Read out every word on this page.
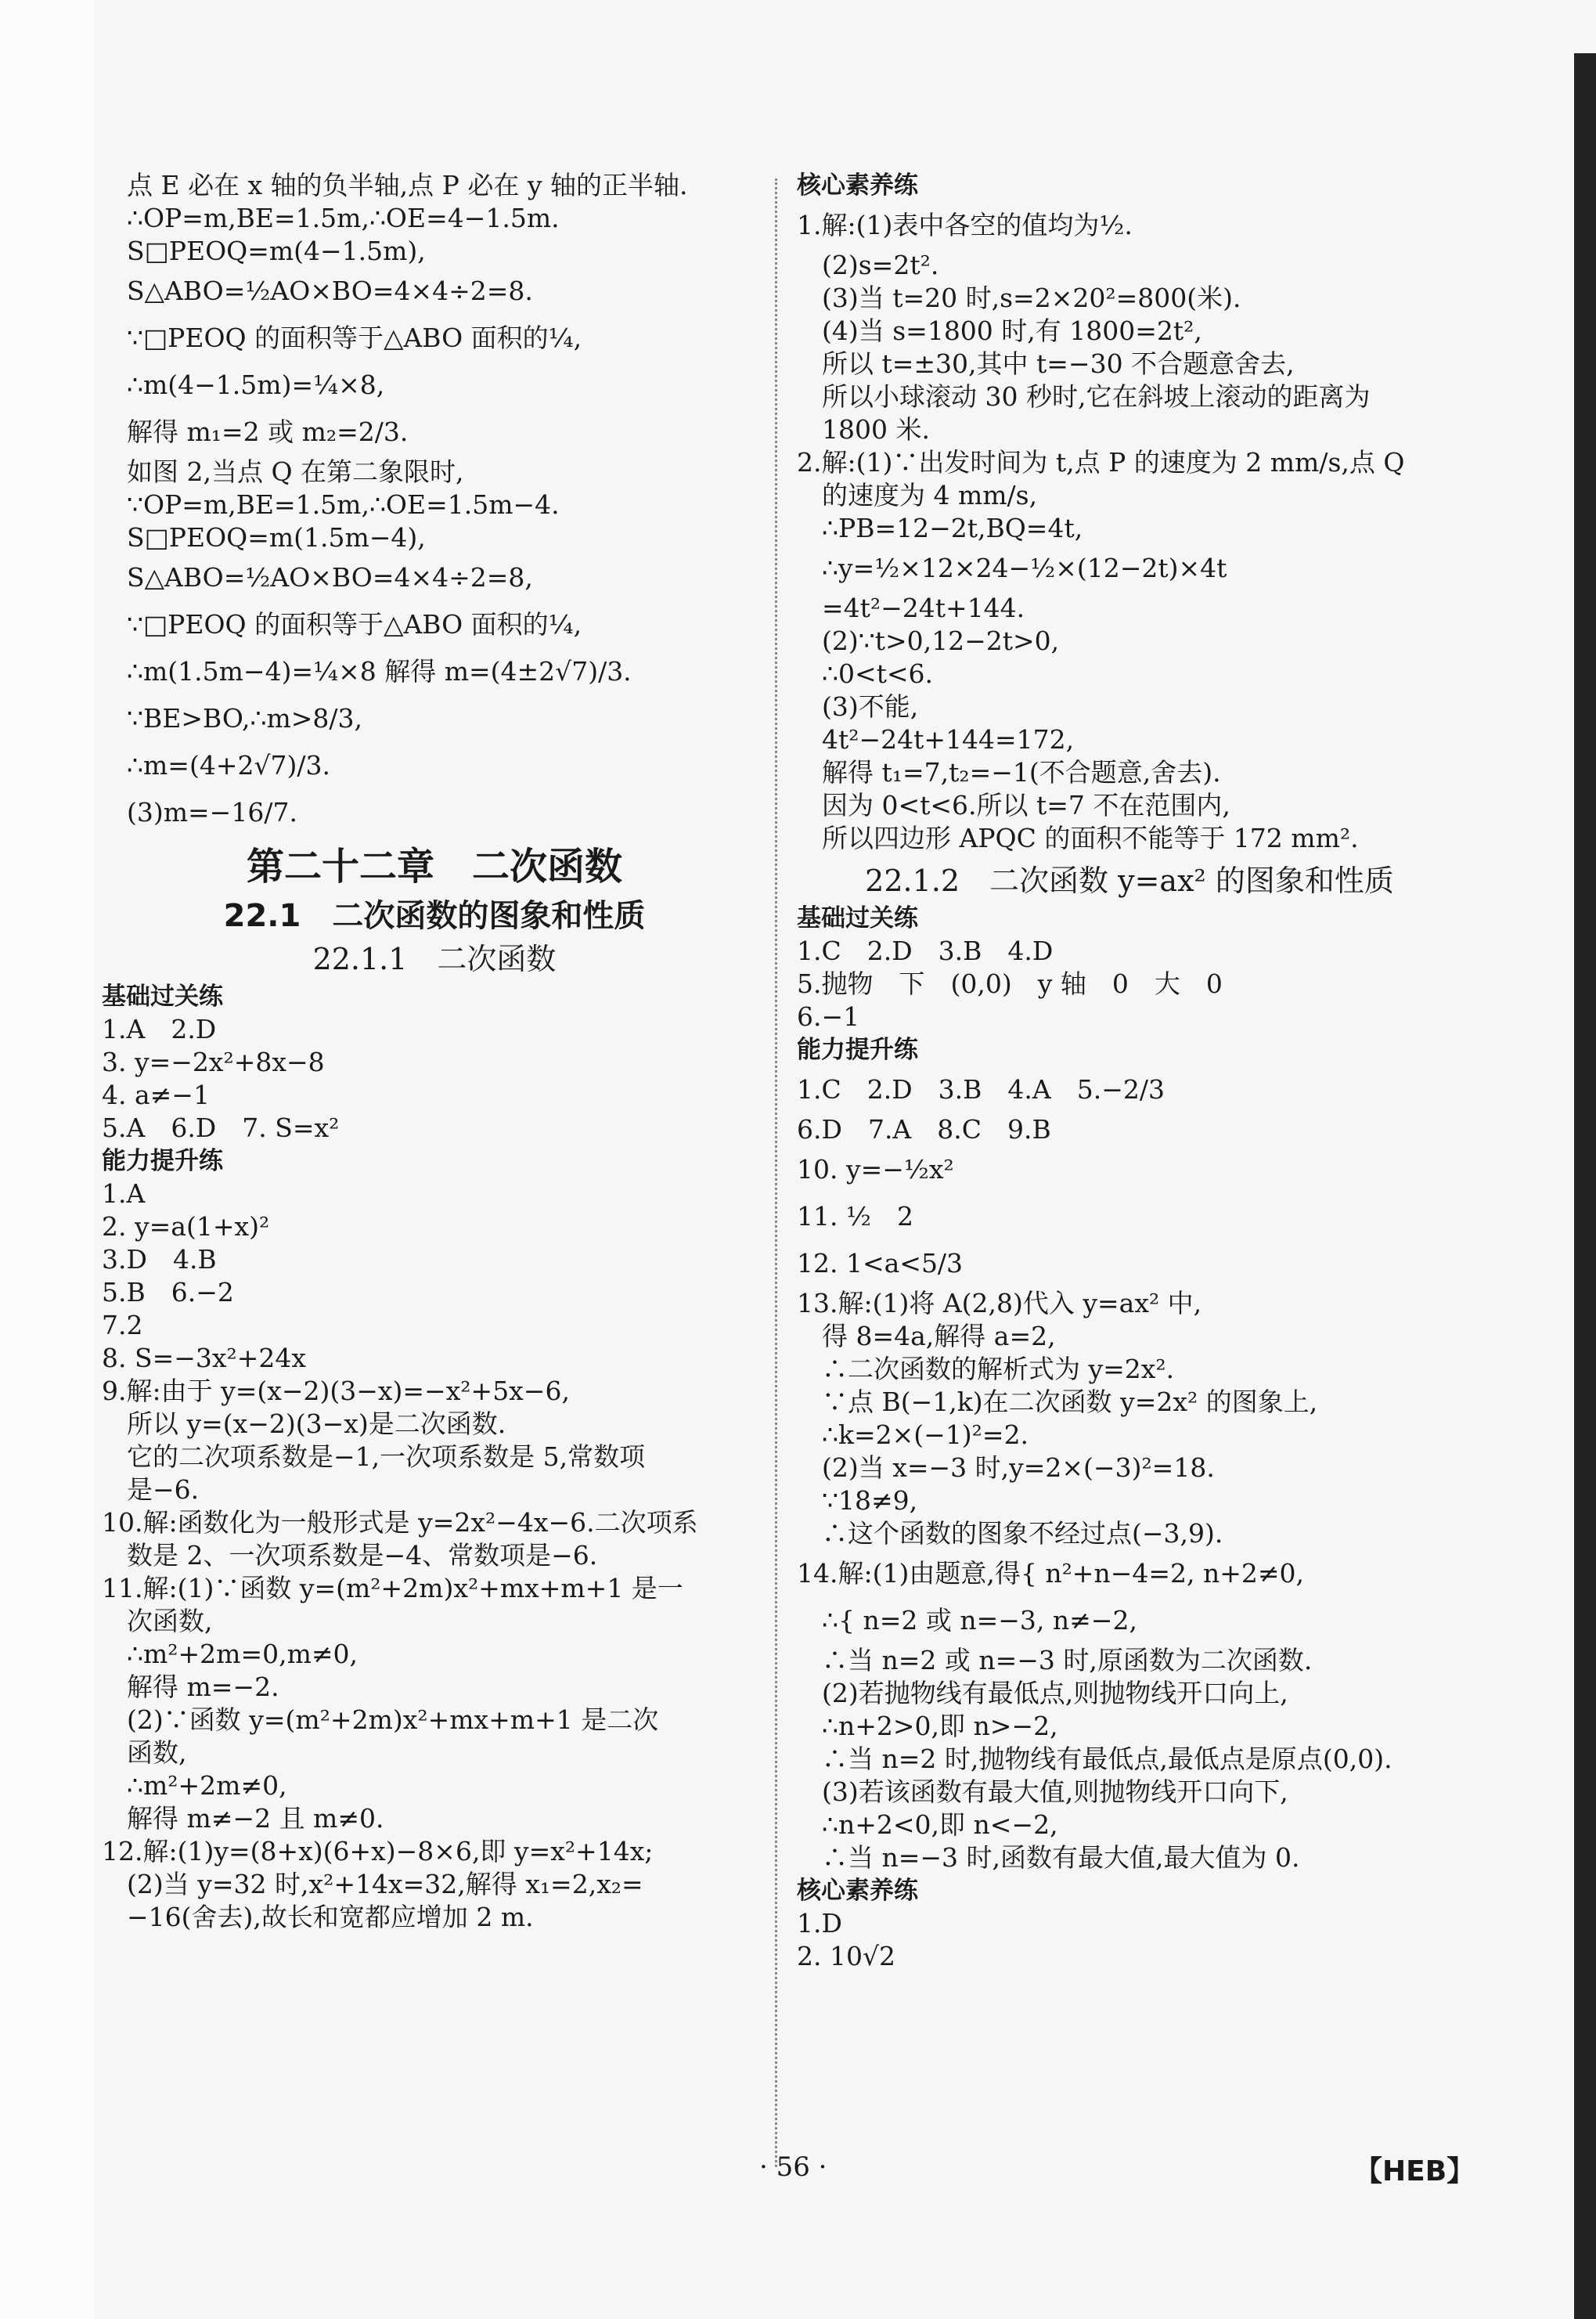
点 E 必在 x 轴的负半轴,点 P 必在 y 轴的正半轴.
∴OP=m,BE=1.5m,∴OE=4−1.5m.
S□PEOQ=m(4−1.5m),
S△ABO=½AO×BO=4×4÷2=8.
∵□PEOQ 的面积等于△ABO 面积的¼,
∴m(4−1.5m)=¼×8,
解得 m₁=2 或 m₂=2/3.
如图 2,当点 Q 在第二象限时,
∵OP=m,BE=1.5m,∴OE=1.5m−4.
S□PEOQ=m(1.5m−4),
S△ABO=½AO×BO=4×4÷2=8,
∵□PEOQ 的面积等于△ABO 面积的¼,
∴m(1.5m−4)=¼×8 解得 m=(4±2√7)/3.
∵BE>BO,∴m>8/3,
∴m=(4+2√7)/3.
(3)m=−16/7.
第二十二章　二次函数
22.1　二次函数的图象和性质
22.1.1　二次函数
基础过关练
1.A　2.D
3. y=−2x²+8x−8
4. a≠−1
5.A　6.D　7. S=x²
能力提升练
1.A
2. y=a(1+x)²
3.D　4.B
5.B　6.−2
7.2
8. S=−3x²+24x
9.解:由于 y=(x−2)(3−x)=−x²+5x−6,
所以 y=(x−2)(3−x)是二次函数.
它的二次项系数是−1,一次项系数是 5,常数项
是−6.
10.解:函数化为一般形式是 y=2x²−4x−6.二次项系
数是 2、一次项系数是−4、常数项是−6.
11.解:(1)∵函数 y=(m²+2m)x²+mx+m+1 是一
次函数,
∴m²+2m=0,m≠0,
解得 m=−2.
(2)∵函数 y=(m²+2m)x²+mx+m+1 是二次
函数,
∴m²+2m≠0,
解得 m≠−2 且 m≠0.
12.解:(1)y=(8+x)(6+x)−8×6,即 y=x²+14x;
(2)当 y=32 时,x²+14x=32,解得 x₁=2,x₂=
−16(舍去),故长和宽都应增加 2 m.
核心素养练
1.解:(1)表中各空的值均为½.
(2)s=2t².
(3)当 t=20 时,s=2×20²=800(米).
(4)当 s=1800 时,有 1800=2t²,
所以 t=±30,其中 t=−30 不合题意舍去,
所以小球滚动 30 秒时,它在斜坡上滚动的距离为
1800 米.
2.解:(1)∵出发时间为 t,点 P 的速度为 2 mm/s,点 Q
的速度为 4 mm/s,
∴PB=12−2t,BQ=4t,
∴y=½×12×24−½×(12−2t)×4t
=4t²−24t+144.
(2)∵t>0,12−2t>0,
∴0<t<6.
(3)不能,
4t²−24t+144=172,
解得 t₁=7,t₂=−1(不合题意,舍去).
因为 0<t<6.所以 t=7 不在范围内,
所以四边形 APQC 的面积不能等于 172 mm².
22.1.2　二次函数 y=ax² 的图象和性质
基础过关练
1.C　2.D　3.B　4.D
5.抛物　下　(0,0)　y 轴　0　大　0
6.−1
能力提升练
1.C　2.D　3.B　4.A　5.−2/3
6.D　7.A　8.C　9.B
10. y=−½x²
11. ½　2
12. 1<a<5/3
13.解:(1)将 A(2,8)代入 y=ax² 中,
得 8=4a,解得 a=2,
∴二次函数的解析式为 y=2x².
∵点 B(−1,k)在二次函数 y=2x² 的图象上,
∴k=2×(−1)²=2.
(2)当 x=−3 时,y=2×(−3)²=18.
∵18≠9,
∴这个函数的图象不经过点(−3,9).
14.解:(1)由题意,得{ n²+n−4=2, n+2≠0,
∴{ n=2 或 n=−3, n≠−2,
∴当 n=2 或 n=−3 时,原函数为二次函数.
(2)若抛物线有最低点,则抛物线开口向上,
∴n+2>0,即 n>−2,
∴当 n=2 时,抛物线有最低点,最低点是原点(0,0).
(3)若该函数有最大值,则抛物线开口向下,
∴n+2<0,即 n<−2,
∴当 n=−3 时,函数有最大值,最大值为 0.
核心素养练
1.D
2. 10√2
· 56 ·	【HEB】
